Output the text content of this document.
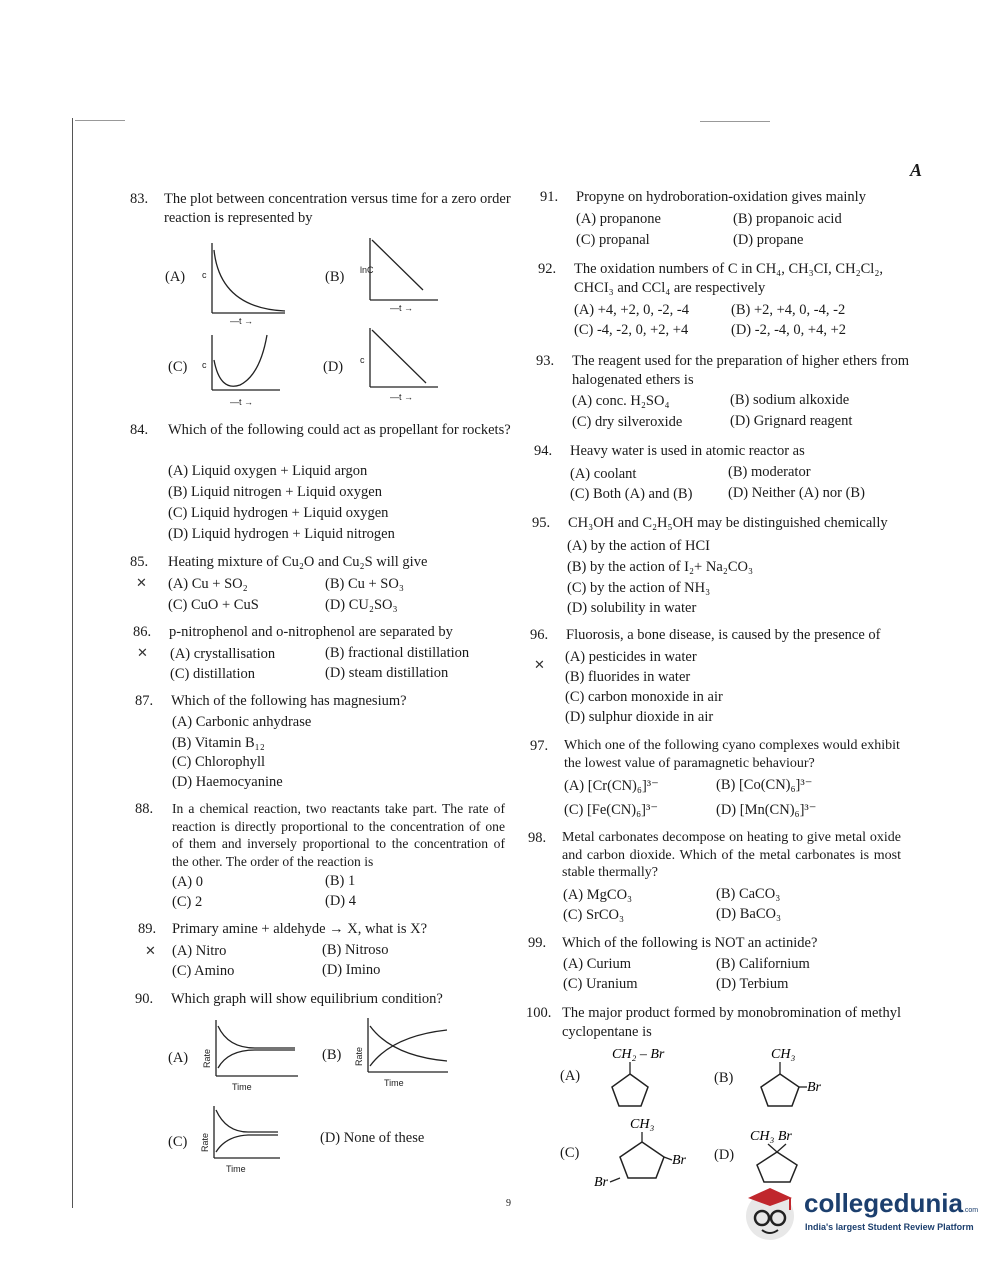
A
83. The plot between concentration versus time for a zero order reaction is represented by
(A) c
—t →
(B) lnC
—t →
(C) c
—t →
(D) c
—t →
84. Which of the following could act as propellant for rockets?
(A) Liquid oxygen + Liquid argon
(B) Liquid nitrogen + Liquid oxygen
(C) Liquid hydrogen + Liquid oxygen
(D) Liquid hydrogen + Liquid nitrogen
85. Heating mixture of Cu₂O and Cu₂S will give
✕ (A) Cu + SO₂	(B) Cu + SO₃
(C) CuO + CuS	(D) CU₂SO₃
86. p-nitrophenol and o-nitrophenol are separated by
✕ (A) crystallisation	(B) fractional distillation
(C) distillation	(D) steam distillation
87. Which of the following has magnesium?
(A) Carbonic anhydrase
(B) Vitamin B₁₂
(C) Chlorophyll
(D) Haemocyanine
88. In a chemical reaction, two reactants take part. The rate of reaction is directly proportional to the concentration of one of them and inversely proportional to the concentration of the other. The order of the reaction is
(A) 0	(B) 1
(C) 2	(D) 4
89. Primary amine + aldehyde → X, what is X?
✕ (A) Nitro	(B) Nitroso
(C) Amino	(D) Imino
90. Which graph will show equilibrium condition?
(A) Rate
Time
(B) Rate
Time
(C) Rate
Time
(D) None of these
91. Propyne on hydroboration-oxidation gives mainly
(A) propanone	(B) propanoic acid
(C) propanal	(D) propane
92. The oxidation numbers of C in CH₄, CH₃CI, CH₂Cl₂, CHCI₃ and CCl₄ are respectively
(A) +4, +2, 0, -2, -4	(B) +2, +4, 0, -4, -2
(C) -4, -2, 0, +2, +4	(D) -2, -4, 0, +4, +2
93. The reagent used for the preparation of higher ethers from halogenated ethers is
(A) conc. H₂SO₄	(B) sodium alkoxide
(C) dry silveroxide	(D) Grignard reagent
94. Heavy water is used in atomic reactor as
(A) coolant	(B) moderator
(C) Both (A) and (B) (D) Neither (A) nor (B)
95. CH₃OH and C₂H₅OH may be distinguished chemically
(A) by the action of HCI
(B) by the action of I₂+ Na₂CO₃
(C) by the action of NH₃
(D) solubility in water
96. Fluorosis, a bone disease, is caused by the presence of
✕
(A) pesticides in water
(B) fluorides in water
(C) carbon monoxide in air
(D) sulphur dioxide in air
97. Which one of the following cyano complexes would exhibit the lowest value of paramagnetic behaviour?
(A) [Cr(CN)₆]³⁻	(B) [Co(CN)₆]³⁻
(C) [Fe(CN)₆]³⁻	(D) [Mn(CN)₆]³⁻
98. Metal carbonates decompose on heating to give metal oxide and carbon dioxide. Which of the metal carbonates is most stable thermally?
(A) MgCO₃	(B) CaCO₃
(C) SrCO₃	(D) BaCO₃
99. Which of the following is NOT an actinide?
(A) Curium	(B) Californium
(C) Uranium	(D) Terbium
100. The major product formed by monobromination of methyl cyclopentane is
(A)
CH₂ – Br
(B)
CH₃
Br
(C)
CH₃
Br
Br
(D)
CH₃ Br
9	collegedunia.com
India's largest Student Review Platform
